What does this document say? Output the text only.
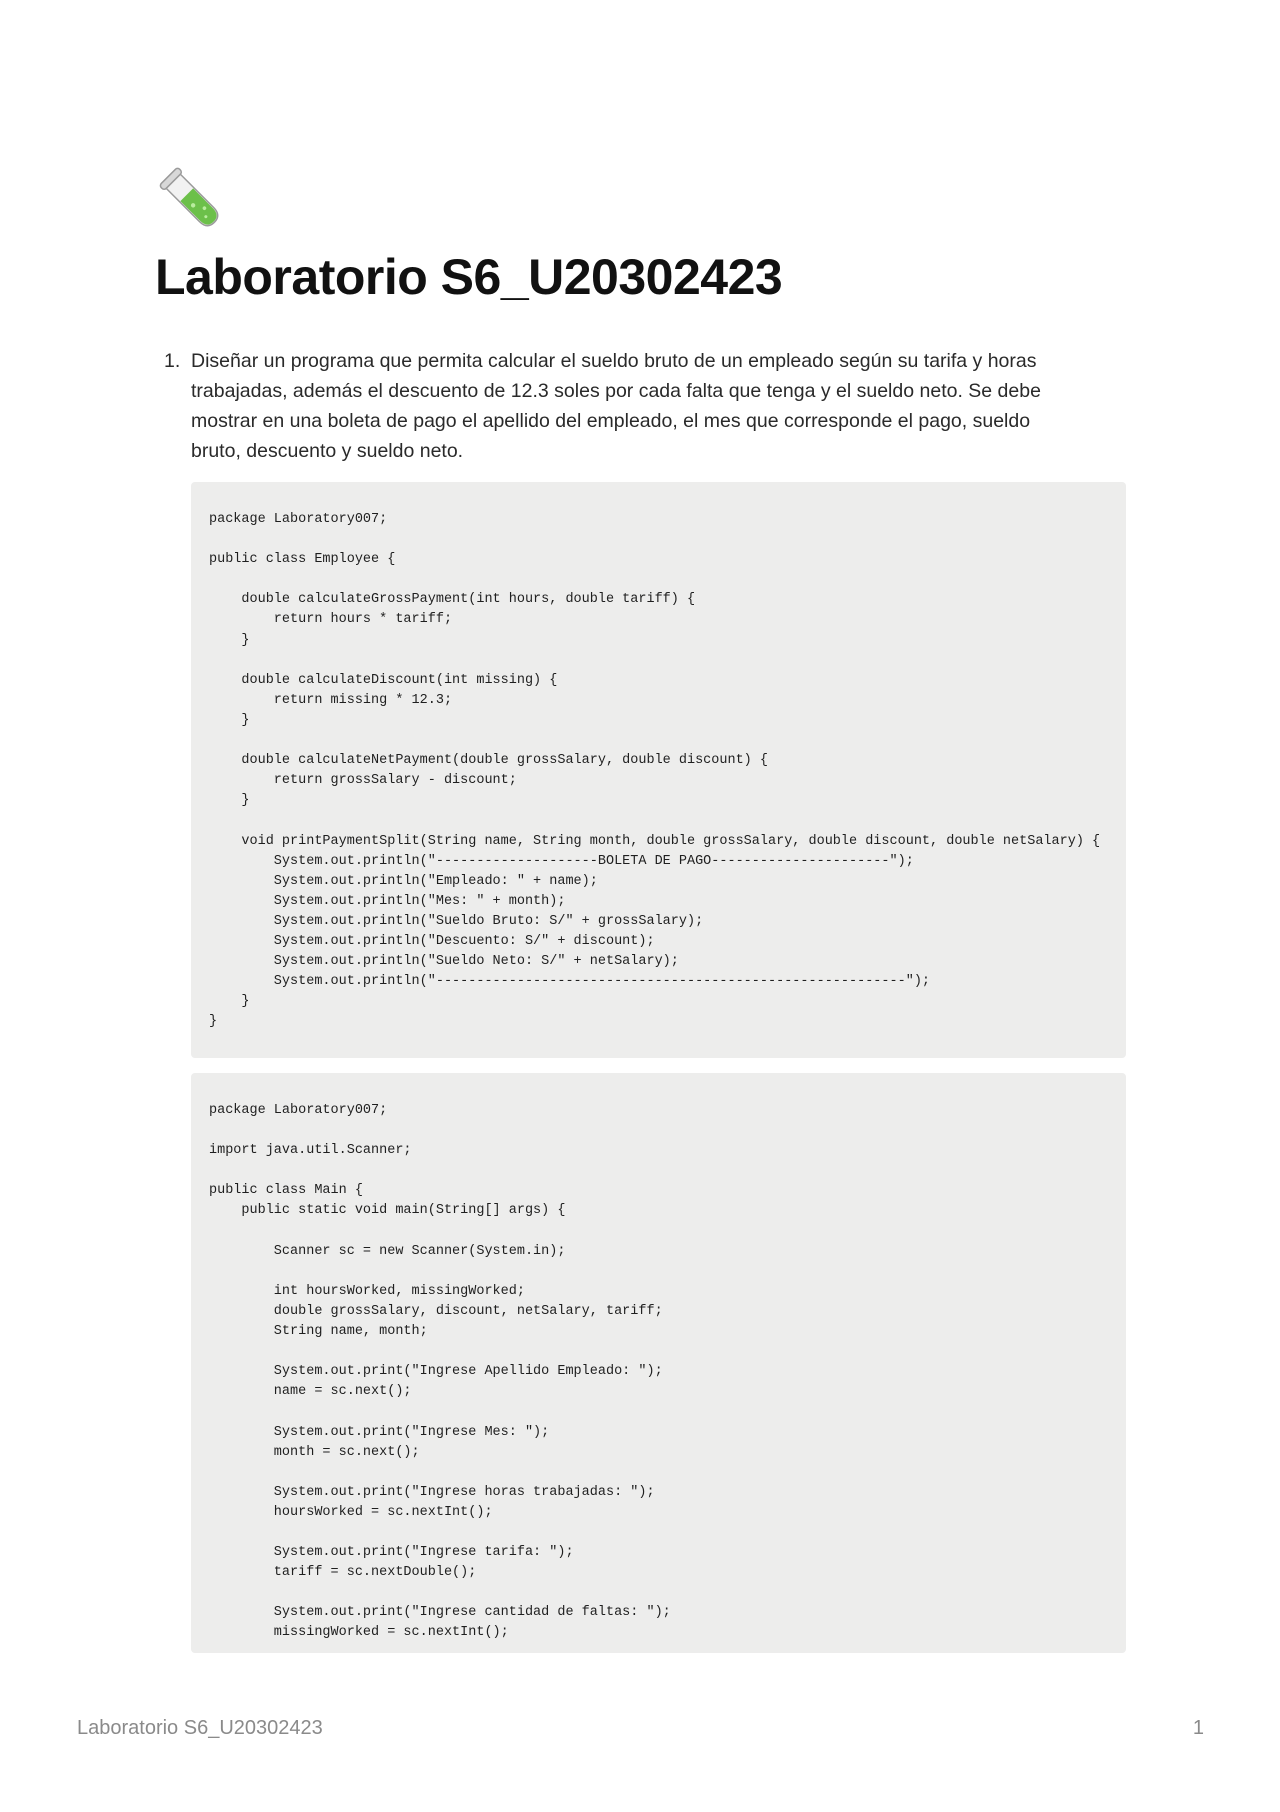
Laboratorio S6_U20302423
1. Diseñar un programa que permita calcular el sueldo bruto de un empleado según su tarifa y horas trabajadas, además el descuento de 12.3 soles por cada falta que tenga y el sueldo neto. Se debe mostrar en una boleta de pago el apellido del empleado, el mes que corresponde el pago, sueldo bruto, descuento y sueldo neto.
package Laboratory007;

public class Employee {

double calculateGrossPayment(int hours, double tariff) {
return hours * tariff;
}

double calculateDiscount(int missing) {
return missing * 12.3;
}

double calculateNetPayment(double grossSalary, double discount) {
return grossSalary - discount;
}

void printPaymentSplit(String name, String month, double grossSalary, double discount, double netSalary) {
System.out.println("--------------------BOLETA DE PAGO----------------------");
System.out.println("Empleado: " + name);
System.out.println("Mes: " + month);
System.out.println("Sueldo Bruto: S/" + grossSalary);
System.out.println("Descuento: S/" + discount);
System.out.println("Sueldo Neto: S/" + netSalary);
System.out.println("----------------------------------------------------------");
}
}
package Laboratory007;

import java.util.Scanner;

public class Main {
public static void main(String[] args) {

Scanner sc = new Scanner(System.in);

int hoursWorked, missingWorked;
double grossSalary, discount, netSalary, tariff;
String name, month;

System.out.print("Ingrese Apellido Empleado: ");
name = sc.next();

System.out.print("Ingrese Mes: ");
month = sc.next();

System.out.print("Ingrese horas trabajadas: ");
hoursWorked = sc.nextInt();

System.out.print("Ingrese tarifa: ");
tariff = sc.nextDouble();

System.out.print("Ingrese cantidad de faltas: ");
missingWorked = sc.nextInt();
Laboratorio S6_U20302423	1
